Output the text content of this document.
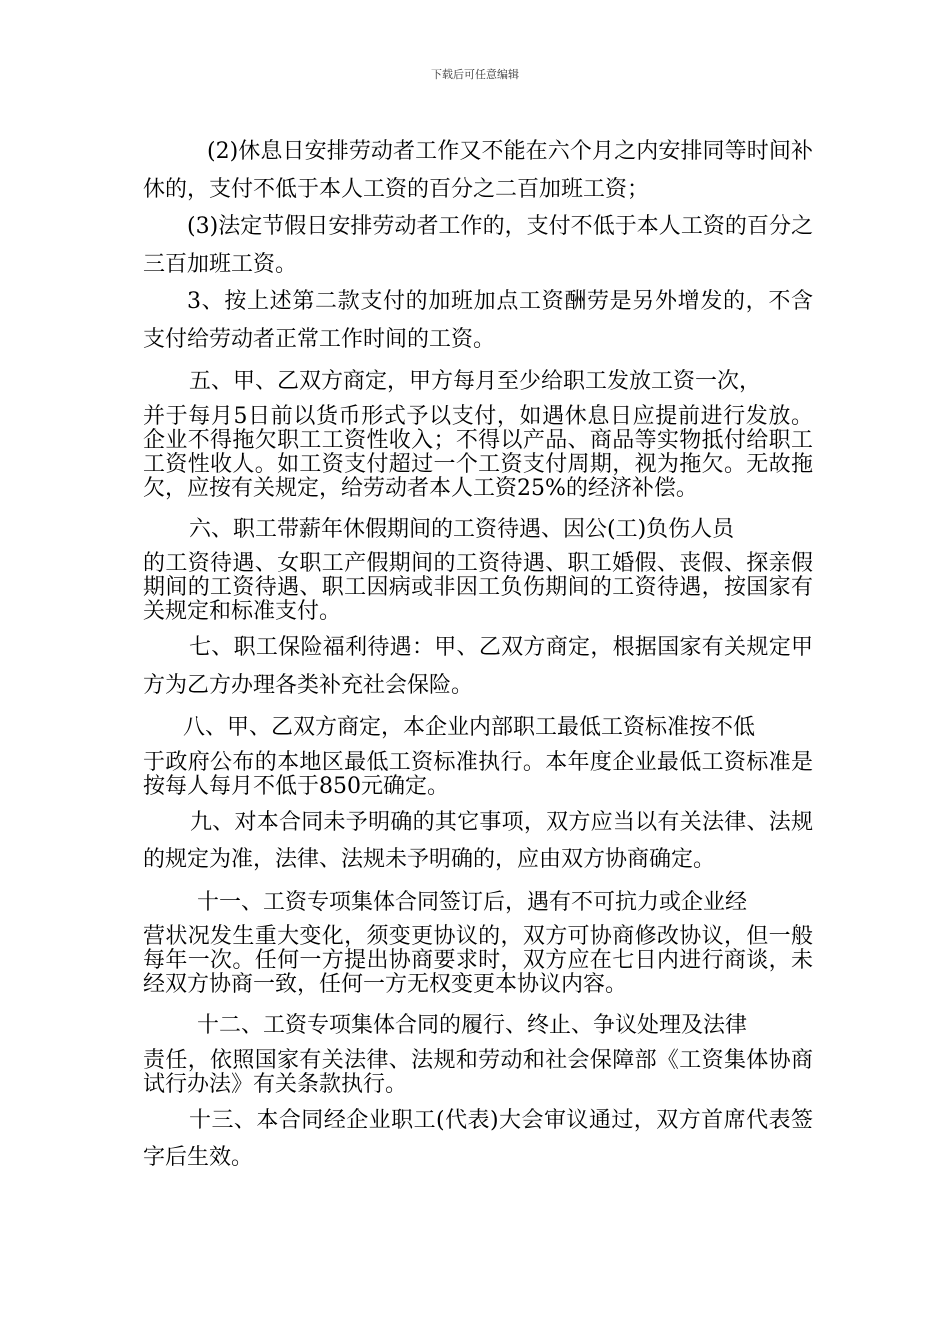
下载后可任意编辑

(2)休息日安排劳动者工作又不能在六个月之内安排同等时间补休的，支付不低于本人工资的百分之二百加班工资；

(3)法定节假日安排劳动者工作的，支付不低于本人工资的百分之三百加班工资。

3、按上述第二款支付的加班加点工资酬劳是另外增发的，不含支付给劳动者正常工作时间的工资。

五、甲、乙双方商定，甲方每月至少给职工发放工资一次，
并于每月5日前以货币形式予以支付，如遇休息日应提前进行发放。企业不得拖欠职工工资性收入；不得以产品、商品等实物抵付给职工工资性收人。如工资支付超过一个工资支付周期，视为拖欠。无故拖欠，应按有关规定，给劳动者本人工资25%的经济补偿。
六、职工带薪年休假期间的工资待遇、因公(工)负伤人员
的工资待遇、女职工产假期间的工资待遇、职工婚假、丧假、探亲假期间的工资待遇、职工因病或非因工负伤期间的工资待遇，按国家有关规定和标准支付。

七、职工保险福利待遇：甲、乙双方商定，根据国家有关规定甲方为乙方办理各类补充社会保险。

八、甲、乙双方商定，本企业内部职工最低工资标准按不低
于政府公布的本地区最低工资标准执行。本年度企业最低工资标准是按每人每月不低于850元确定。

九、对本合同未予明确的其它事项，双方应当以有关法律、法规的规定为准，法律、法规未予明确的，应由双方协商确定。

十一、工资专项集体合同签订后，遇有不可抗力或企业经
营状况发生重大变化，须变更协议的，双方可协商修改协议，但一般每年一次。任何一方提出协商要求时，双方应在七日内进行商谈，未经双方协商一致，任何一方无权变更本协议内容。
十二、工资专项集体合同的履行、终止、争议处理及法律
责任，依照国家有关法律、法规和劳动和社会保障部《工资集体协商试行办法》有关条款执行。

十三、本合同经企业职工(代表)大会审议通过，双方首席代表签字后生效。
